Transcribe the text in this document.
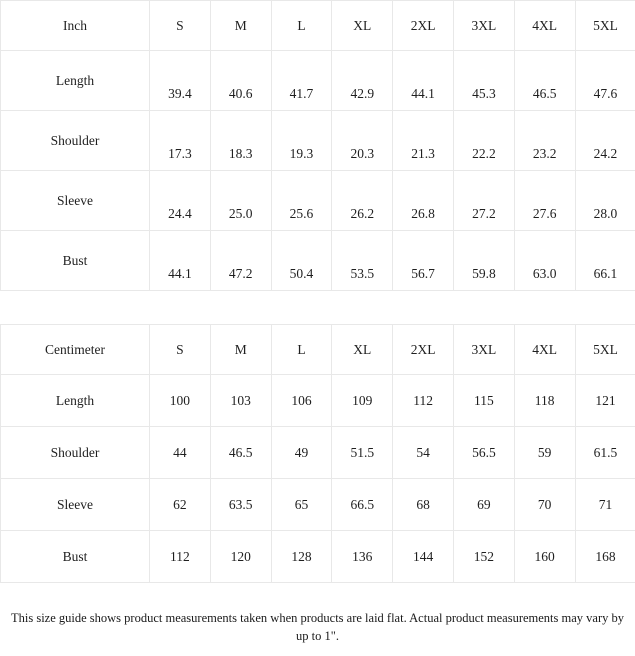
Inch	S	M	L	XL	2XL	3XL	4XL	5XL
Length	39.4	40.6	41.7	42.9	44.1	45.3	46.5	47.6
Shoulder	17.3	18.3	19.3	20.3	21.3	22.2	23.2	24.2
Sleeve	24.4	25.0	25.6	26.2	26.8	27.2	27.6	28.0
Bust	44.1	47.2	50.4	53.5	56.7	59.8	63.0	66.1
Centimeter	S	M	L	XL	2XL	3XL	4XL	5XL
Length	100	103	106	109	112	115	118	121
Shoulder	44	46.5	49	51.5	54	56.5	59	61.5
Sleeve	62	63.5	65	66.5	68	69	70	71
Bust	112	120	128	136	144	152	160	168
This size guide shows product measurements taken when products are laid flat. Actual product measurements may vary by up to 1".
